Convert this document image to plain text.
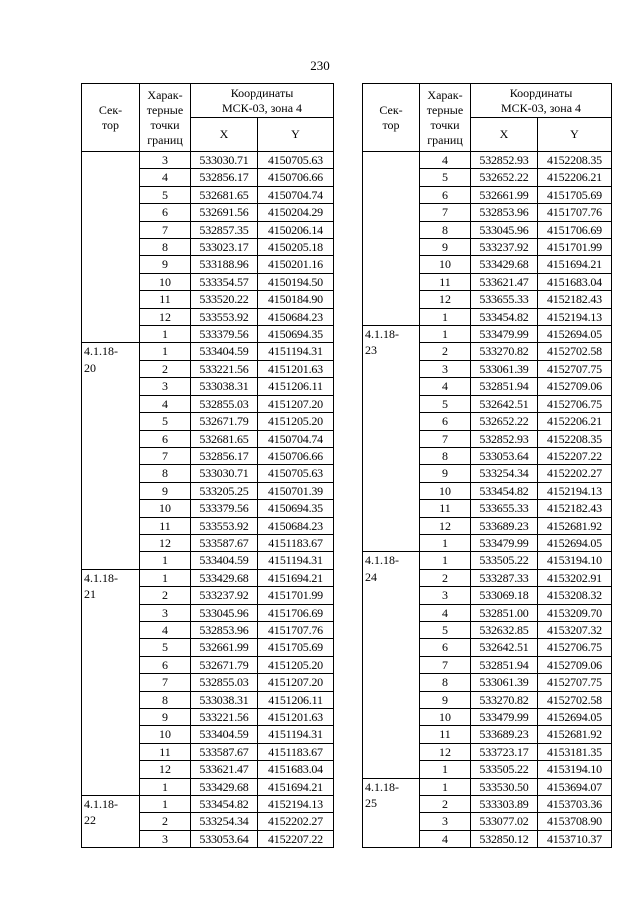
230
Сек-
тор	Харак-
терные
точки
границ	Координаты
МСК-03, зона 4	
		X	Y
	3	533030.71	4150705.63
	4	532856.17	4150706.66
	5	532681.65	4150704.74
	6	532691.56	4150204.29
	7	532857.35	4150206.14
	8	533023.17	4150205.18
	9	533188.96	4150201.16
	10	533354.57	4150194.50
	11	533520.22	4150184.90
	12	533553.92	4150684.23
	1	533379.56	4150694.35
4.1.18-
20	1	533404.59	4151194.31
	2	533221.56	4151201.63
	3	533038.31	4151206.11
	4	532855.03	4151207.20
	5	532671.79	4151205.20
	6	532681.65	4150704.74
	7	532856.17	4150706.66
	8	533030.71	4150705.63
	9	533205.25	4150701.39
	10	533379.56	4150694.35
	11	533553.92	4150684.23
	12	533587.67	4151183.67
	1	533404.59	4151194.31
4.1.18-
21	1	533429.68	4151694.21
	2	533237.92	4151701.99
	3	533045.96	4151706.69
	4	532853.96	4151707.76
	5	532661.99	4151705.69
	6	532671.79	4151205.20
	7	532855.03	4151207.20
	8	533038.31	4151206.11
	9	533221.56	4151201.63
	10	533404.59	4151194.31
	11	533587.67	4151183.67
	12	533621.47	4151683.04
	1	533429.68	4151694.21
4.1.18-
22	1	533454.82	4152194.13
	2	533254.34	4152202.27
	3	533053.64	4152207.22
Сек-
тор	Харак-
терные
точки
границ	Координаты
МСК-03, зона 4	
		X	Y
	4	532852.93	4152208.35
	5	532652.22	4152206.21
	6	532661.99	4151705.69
	7	532853.96	4151707.76
	8	533045.96	4151706.69
	9	533237.92	4151701.99
	10	533429.68	4151694.21
	11	533621.47	4151683.04
	12	533655.33	4152182.43
	1	533454.82	4152194.13
4.1.18-
23	1	533479.99	4152694.05
	2	533270.82	4152702.58
	3	533061.39	4152707.75
	4	532851.94	4152709.06
	5	532642.51	4152706.75
	6	532652.22	4152206.21
	7	532852.93	4152208.35
	8	533053.64	4152207.22
	9	533254.34	4152202.27
	10	533454.82	4152194.13
	11	533655.33	4152182.43
	12	533689.23	4152681.92
	1	533479.99	4152694.05
4.1.18-
24	1	533505.22	4153194.10
	2	533287.33	4153202.91
	3	533069.18	4153208.32
	4	532851.00	4153209.70
	5	532632.85	4153207.32
	6	532642.51	4152706.75
	7	532851.94	4152709.06
	8	533061.39	4152707.75
	9	533270.82	4152702.58
	10	533479.99	4152694.05
	11	533689.23	4152681.92
	12	533723.17	4153181.35
	1	533505.22	4153194.10
4.1.18-
25	1	533530.50	4153694.07
	2	533303.89	4153703.36
	3	533077.02	4153708.90
	4	532850.12	4153710.37
